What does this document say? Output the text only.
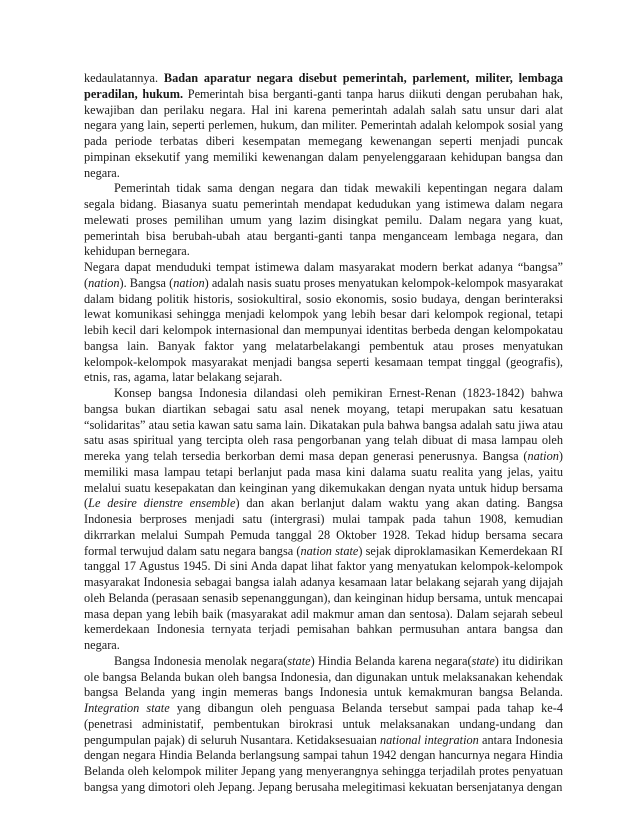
kedaulatannya. Badan aparatur negara disebut pemerintah, parlement, militer, lembaga peradilan, hukum. Pemerintah bisa berganti-ganti tanpa harus diikuti dengan perubahan hak, kewajiban dan perilaku negara. Hal ini karena pemerintah adalah salah satu unsur dari alat negara yang lain, seperti perlemen, hukum, dan militer. Pemerintah adalah kelompok sosial yang pada periode terbatas diberi kesempatan memegang kewenangan seperti menjadi puncak pimpinan eksekutif yang memiliki kewenangan dalam penyelenggaraan kehidupan bangsa dan negara.

Pemerintah tidak sama dengan negara dan tidak mewakili kepentingan negara dalam segala bidang. Biasanya suatu pemerintah mendapat kedudukan yang istimewa dalam negara melewati proses pemilihan umum yang lazim disingkat pemilu. Dalam negara yang kuat, pemerintah bisa berubah-ubah atau berganti-ganti tanpa menganceam lembaga negara, dan kehidupan bernegara.

Negara dapat menduduki tempat istimewa dalam masyarakat modern berkat adanya “bangsa” (nation). Bangsa (nation) adalah nasis suatu proses menyatukan kelompok-kelompok masyarakat dalam bidang politik historis, sosiokultiral, sosio ekonomis, sosio budaya, dengan berinteraksi lewat komunikasi sehingga menjadi kelompok yang lebih besar dari kelompok regional, tetapi lebih kecil dari kelompok internasional dan mempunyai identitas berbeda dengan kelompokatau bangsa lain. Banyak faktor yang melatarbelakangi pembentuk atau proses menyatukan kelompok-kelompok masyarakat menjadi bangsa seperti kesamaan tempat tinggal (geografis), etnis, ras, agama, latar belakang sejarah.

Konsep bangsa Indonesia dilandasi oleh pemikiran Ernest-Renan (1823-1842) bahwa bangsa bukan diartikan sebagai satu asal nenek moyang, tetapi merupakan satu kesatuan “solidaritas” atau setia kawan satu sama lain. Dikatakan pula bahwa bangsa adalah satu jiwa atau satu asas spiritual yang tercipta oleh rasa pengorbanan yang telah dibuat di masa lampau oleh mereka yang telah tersedia berkorban demi masa depan generasi penerusnya. Bangsa (nation) memiliki masa lampau tetapi berlanjut pada masa kini dalama suatu realita yang jelas, yaitu melalui suatu kesepakatan dan keinginan yang dikemukakan dengan nyata untuk hidup bersama (Le desire dienstre ensemble) dan akan berlanjut dalam waktu yang akan dating. Bangsa Indonesia berproses menjadi satu (intergrasi) mulai tampak pada tahun 1908, kemudian dikrrarkan melalui Sumpah Pemuda tanggal 28 Oktober 1928. Tekad hidup bersama secara formal terwujud dalam satu negara bangsa (nation state) sejak diproklamasikan Kemerdekaan RI tanggal 17 Agustus 1945. Di sini Anda dapat lihat faktor yang menyatukan kelompok-kelompok masyarakat Indonesia sebagai bangsa ialah adanya kesamaan latar belakang sejarah yang dijajah oleh Belanda (perasaan senasib sepenanggungan), dan keinginan hidup bersama, untuk mencapai masa depan yang lebih baik (masyarakat adil makmur aman dan sentosa). Dalam sejarah sebeul kemerdekaan Indonesia ternyata terjadi pemisahan bahkan permusuhan antara bangsa dan negara.

Bangsa Indonesia menolak negara(state) Hindia Belanda karena negara(state) itu didirikan ole bangsa Belanda bukan oleh bangsa Indonesia, dan digunakan untuk melaksanakan kehendak bangsa Belanda yang ingin memeras bangs Indonesia untuk kemakmuran bangsa Belanda. Integration state yang dibangun oleh penguasa Belanda tersebut sampai pada tahap ke-4 (penetrasi administatif, pembentukan birokrasi untuk melaksanakan undang-undang dan pengumpulan pajak) di seluruh Nusantara. Ketidaksesuaian national integration antara Indonesia dengan negara Hindia Belanda berlangsung sampai tahun 1942 dengan hancurnya negara Hindia Belanda oleh kelompok militer Jepang yang menyerangnya sehingga terjadilah protes penyatuan bangsa yang dimotori oleh Jepang. Jepang berusaha melegitimasi kekuatan bersenjatanya dengan
